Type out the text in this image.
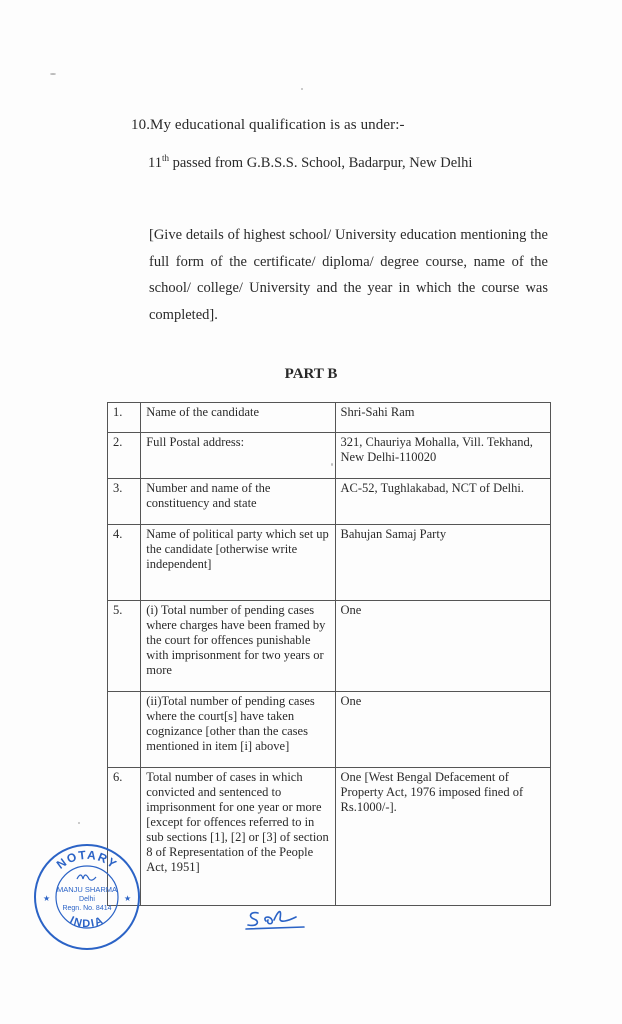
10.My educational qualification is as under:-
11th passed from G.B.S.S. School, Badarpur, New Delhi
[Give details of highest school/ University education mentioning the full form of the certificate/ diploma/ degree course, name of the school/ college/ University and the year in which the course was completed].
PART B
1.	Name of the candidate	Shri-Sahi Ram
2.	Full Postal address:	321, Chauriya Mohalla, Vill. Tekhand, New Delhi-110020
3.	Number and name of the constituency and state	AC-52, Tughlakabad, NCT of Delhi.
4.	Name of political party which set up the candidate [otherwise write independent]	Bahujan Samaj Party
5.	(i) Total number of pending cases where charges have been framed by the court for offences punishable with imprisonment for two years or more	One
	(ii)Total number of pending cases where the court[s] have taken cognizance [other than the cases mentioned in item [i] above]	One
6.	Total number of cases in which convicted and sentenced to imprisonment for one year or more [except for offences referred to in sub sections [1], [2] or [3] of section 8 of Representation of the People Act, 1951]	One [West Bengal Defacement of Property Act, 1976 imposed fined of Rs.1000/-].
NOTARY
INDIA
★	★
MANJU SHARMA
Delhi
Regn. No. 8414
